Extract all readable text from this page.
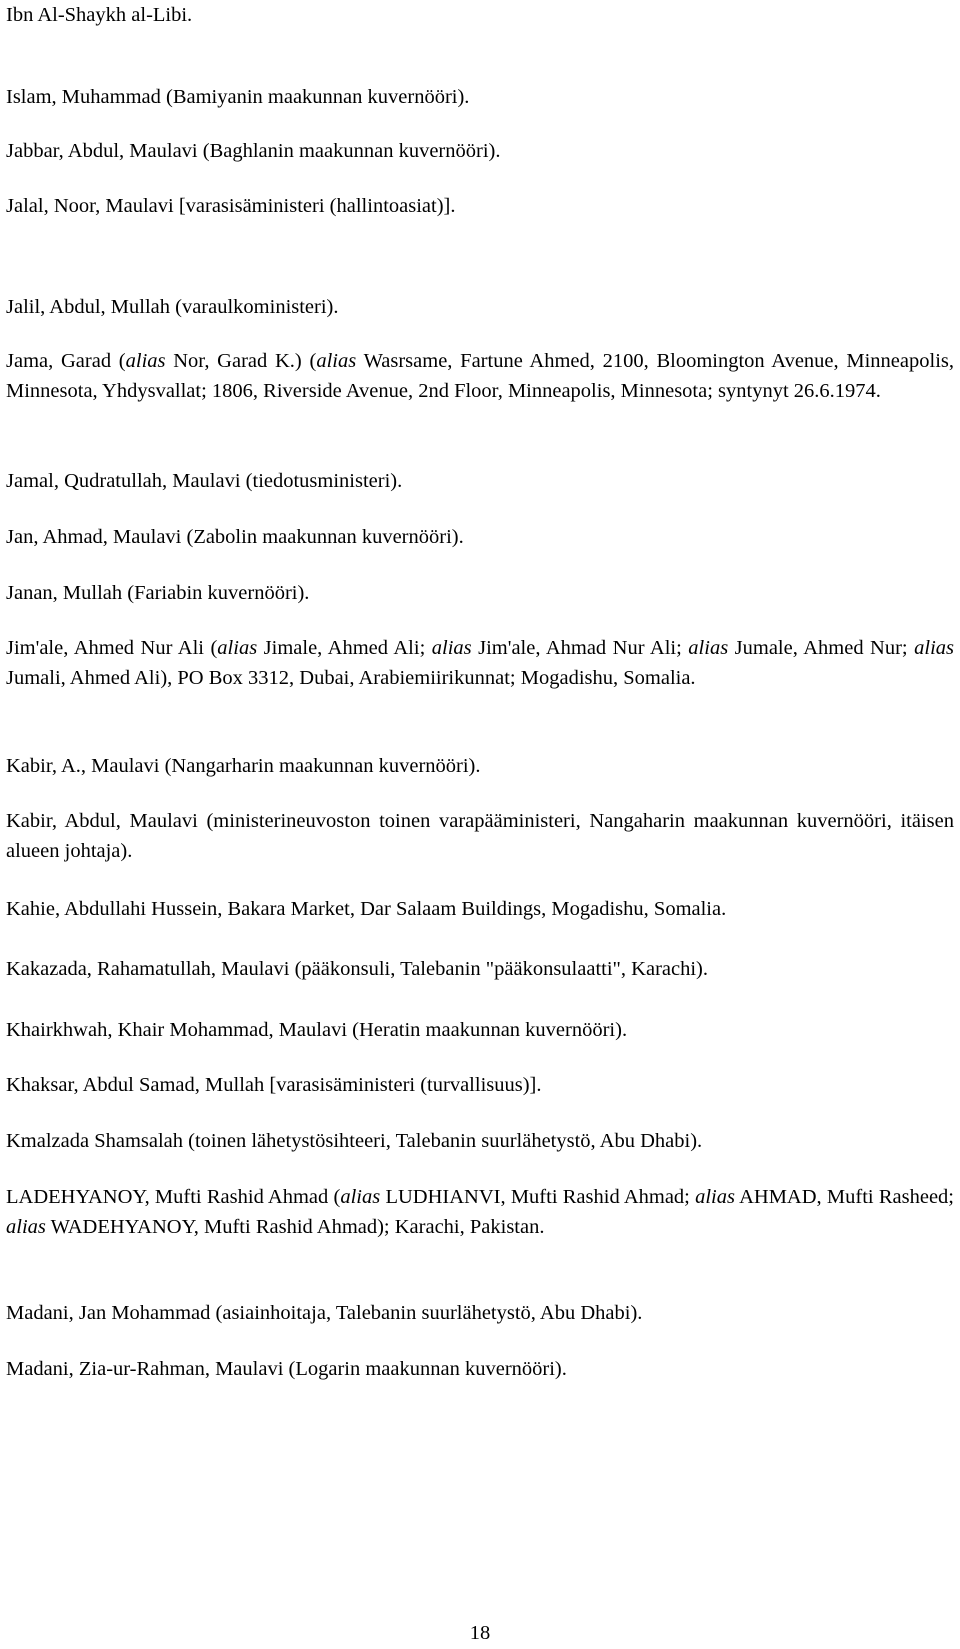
Ibn Al-Shaykh al-Libi.

Islam, Muhammad (Bamiyanin maakunnan kuvernööri).

Jabbar, Abdul, Maulavi (Baghlanin maakunnan kuvernööri).

Jalal, Noor, Maulavi [varasisäministeri (hallintoasiat)].

Jalil, Abdul, Mullah (varaulkoministeri).

Jama, Garad (alias Nor, Garad K.) (alias Wasrsame, Fartune Ahmed, 2100, Bloomington Avenue, Minneapolis, Minnesota, Yhdysvallat; 1806, Riverside Avenue, 2nd Floor, Minneapolis, Minnesota; syntynyt 26.6.1974.

Jamal, Qudratullah, Maulavi (tiedotusministeri).

Jan, Ahmad, Maulavi (Zabolin maakunnan kuvernööri).

Janan, Mullah (Fariabin kuvernööri).

Jim'ale, Ahmed Nur Ali (alias Jimale, Ahmed Ali; alias Jim'ale, Ahmad Nur Ali; alias Jumale, Ahmed Nur; alias Jumali, Ahmed Ali), PO Box 3312, Dubai, Arabiemiirikunnat; Mogadishu, Somalia.

Kabir, A., Maulavi (Nangarharin maakunnan kuvernööri).

Kabir, Abdul, Maulavi (ministerineuvoston toinen varapääministeri, Nangaharin maakunnan kuvernööri, itäisen alueen johtaja).

Kahie, Abdullahi Hussein, Bakara Market, Dar Salaam Buildings, Mogadishu, Somalia.

Kakazada, Rahamatullah, Maulavi (pääkonsuli, Talebanin "pääkonsulaatti", Karachi).

Khairkhwah, Khair Mohammad, Maulavi (Heratin maakunnan kuvernööri).

Khaksar, Abdul Samad, Mullah [varasisäministeri (turvallisuus)].

Kmalzada Shamsalah (toinen lähetystösihteeri, Talebanin suurlähetystö, Abu Dhabi).

LADEHYANOY, Mufti Rashid Ahmad (alias LUDHIANVI, Mufti Rashid Ahmad; alias AHMAD, Mufti Rasheed; alias WADEHYANOY, Mufti Rashid Ahmad); Karachi, Pakistan.

Madani, Jan Mohammad (asiainhoitaja, Talebanin suurlähetystö, Abu Dhabi).

Madani, Zia-ur-Rahman, Maulavi (Logarin maakunnan kuvernööri).

18
